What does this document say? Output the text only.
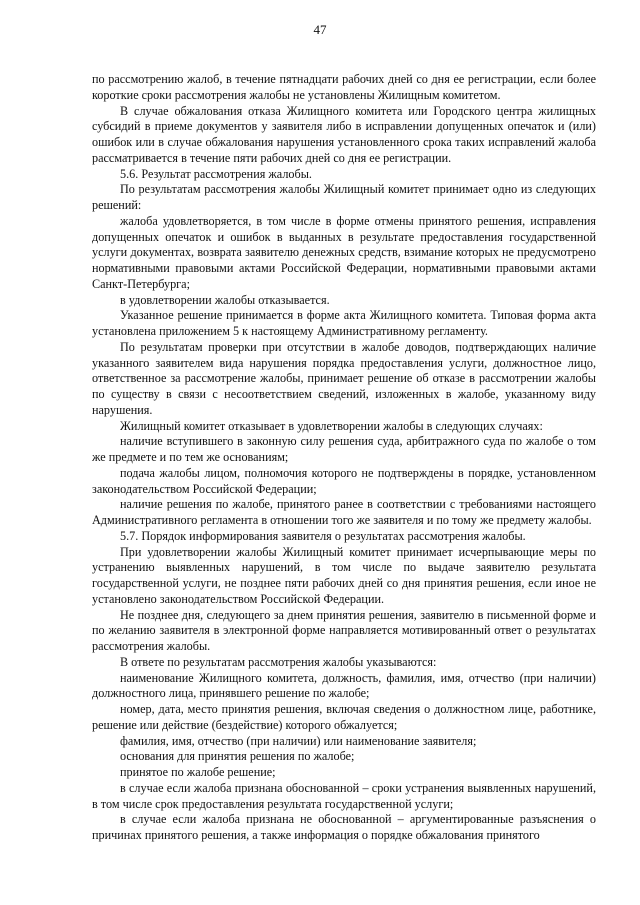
47

по рассмотрению жалоб, в течение пятнадцати рабочих дней со дня ее регистрации, если более короткие сроки рассмотрения жалобы не установлены Жилищным комитетом.

В случае обжалования отказа Жилищного комитета или Городского центра жилищных субсидий в приеме документов у заявителя либо в исправлении допущенных опечаток и (или) ошибок или в случае обжалования нарушения установленного срока таких исправлений жалоба рассматривается в течение пяти рабочих дней со дня ее регистрации.

5.6. Результат рассмотрения жалобы.

По результатам рассмотрения жалобы Жилищный комитет принимает одно из следующих решений:

жалоба удовлетворяется, в том числе в форме отмены принятого решения, исправления допущенных опечаток и ошибок в выданных в результате предоставления государственной услуги документах, возврата заявителю денежных средств, взимание которых не предусмотрено нормативными правовыми актами Российской Федерации, нормативными правовыми актами Санкт-Петербурга;

в удовлетворении жалобы отказывается.

Указанное решение принимается в форме акта Жилищного комитета. Типовая форма акта установлена приложением 5 к настоящему Административному регламенту.

По результатам проверки при отсутствии в жалобе доводов, подтверждающих наличие указанного заявителем вида нарушения порядка предоставления услуги, должностное лицо, ответственное за рассмотрение жалобы, принимает решение об отказе в рассмотрении жалобы по существу в связи с несоответствием сведений, изложенных в жалобе, указанному виду нарушения.

Жилищный комитет отказывает в удовлетворении жалобы в следующих случаях:

наличие вступившего в законную силу решения суда, арбитражного суда по жалобе о том же предмете и по тем же основаниям;

подача жалобы лицом, полномочия которого не подтверждены в порядке, установленном законодательством Российской Федерации;

наличие решения по жалобе, принятого ранее в соответствии с требованиями настоящего Административного регламента в отношении того же заявителя и по тому же предмету жалобы.

5.7. Порядок информирования заявителя о результатах рассмотрения жалобы.

При удовлетворении жалобы Жилищный комитет принимает исчерпывающие меры по устранению выявленных нарушений, в том числе по выдаче заявителю результата государственной услуги, не позднее пяти рабочих дней со дня принятия решения, если иное не установлено законодательством Российской Федерации.

Не позднее дня, следующего за днем принятия решения, заявителю в письменной форме и по желанию заявителя в электронной форме направляется мотивированный ответ о результатах рассмотрения жалобы.

В ответе по результатам рассмотрения жалобы указываются:

наименование Жилищного комитета, должность, фамилия, имя, отчество (при наличии) должностного лица, принявшего решение по жалобе;

номер, дата, место принятия решения, включая сведения о должностном лице, работнике, решение или действие (бездействие) которого обжалуется;

фамилия, имя, отчество (при наличии) или наименование заявителя;

основания для принятия решения по жалобе;

принятое по жалобе решение;

в случае если жалоба признана обоснованной – сроки устранения выявленных нарушений, в том числе срок предоставления результата государственной услуги;

в случае если жалоба признана не обоснованной – аргументированные разъяснения о причинах принятого решения, а также информация о порядке обжалования принятого
